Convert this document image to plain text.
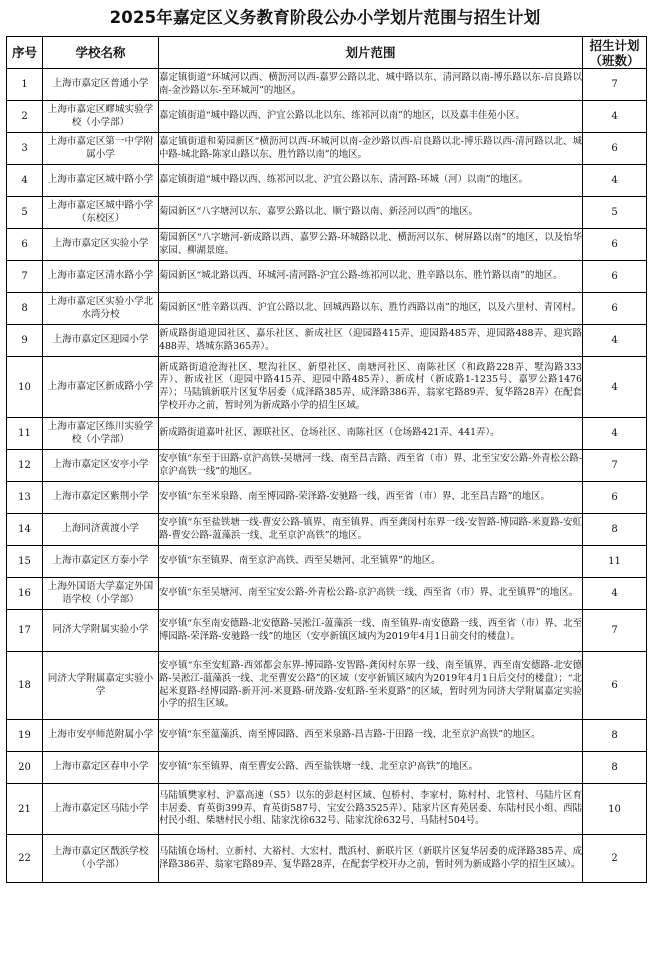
2025年嘉定区义务教育阶段公办小学划片范围与招生计划
序号	学校名称	划片范围	招生计划
（班数）
1	上海市嘉定区普通小学	嘉定镇街道“环城河以西、横沥河以西-嘉罗公路以北、城中路以东、清河路以南-博乐路以东-启良路以南-金沙路以东-至环城河”的地区。	7
2	上海市嘉定区疁城实验学校（小学部）	嘉定镇街道“城中路以西、沪宜公路以北以东、练祁河以南”的地区，以及嘉丰佳苑小区。	4
3	上海市嘉定区第一中学附属小学	嘉定镇街道和菊园新区“横沥河以西-环城河以南-金沙路以西-启良路以北-博乐路以西-清河路以北、城中路-城北路-陈家山路以东、胜竹路以南”的地区。	6
4	上海市嘉定区城中路小学	嘉定镇街道“城中路以西、练祁河以北、沪宜公路以东、清河路-环城（河）以南”的地区。	4
5	上海市嘉定区城中路小学（东校区）	菊园新区“八字塘河以东、嘉罗公路以北、顺宁路以南、新泾河以西”的地区。	5
6	上海市嘉定区实验小学	菊园新区“八字塘河-新成路以西、嘉罗公路-环城路以北、横沥河以东、树屏路以南”的地区，以及怡华家园、柳湖景庭。	6
7	上海市嘉定区清水路小学	菊园新区“城北路以西、环城河-清河路-沪宜公路-练祁河以北、胜辛路以东、胜竹路以南”的地区。	6
8	上海市嘉定区实验小学北水湾分校	菊园新区“胜辛路以西、沪宜公路以北、回城西路以东、胜竹西路以南”的地区，以及六里村、青冈村。	6
9	上海市嘉定区迎园小学	新成路街道迎园社区、嘉乐社区、新成社区（迎园路415弄、迎园路485弄、迎园路488弄、迎宾路488弄、塔城东路365弄）。	4
10	上海市嘉定区新成路小学	新成路街道沧海社区、墅沟社区、新望社区、南塘河社区、南陈社区（和政路228弄、墅沟路333弄）、新成社区（迎园中路415弄、迎园中路485弄）、新成村（新成路1-1235号、嘉罗公路1476弄）；马陆镇新联片区复华居委（成泽路385弄、成泽路386弄、翁家宅路89弄、复华路28弄）在配套学校开办之前，暂时列为新成路小学的招生区域。	4
11	上海市嘉定区练川实验学校（小学部）	新成路街道嘉叶社区、源联社区、仓场社区、南陈社区（仓场路421弄、441弄）。	4
12	上海市嘉定区安亭小学	安亭镇“东至于田路-京沪高铁-吴塘河一线、南至昌吉路、西至省（市）界、北至宝安公路-外青松公路-京沪高铁一线”的地区。	7
13	上海市嘉定区紫荆小学	安亭镇“东至米泉路、南至博园路-荣泽路-安驰路一线、西至省（市）界、北至昌吉路”的地区。	6
14	上海同济黄渡小学	安亭镇“东至盐铁塘一线-曹安公路-镇界、南至镇界、西至龚闵村东界一线-安智路-博园路-米夏路-安虹路-曹安公路-蕰藻浜一线、北至京沪高铁”的地区。	8
15	上海市嘉定区方泰小学	安亭镇“东至镇界、南至京沪高铁、西至吴塘河、北至镇界”的地区。	11
16	上海外国语大学嘉定外国语学校（小学部）	安亭镇“东至吴塘河、南至宝安公路-外青松公路-京沪高铁一线、西至省（市）界、北至镇界”的地区。	4
17	同济大学附属实验小学	安亭镇“东至南安德路-北安德路-吴淞江-蕰藻浜一线、南至镇界-南安德路一线、西至省（市）界、北至博园路-荣泽路-安驰路一线”的地区（安亭新镇区域内为2019年4月1日前交付的楼盘）。	7
18	同济大学附属嘉定实验小学	安亭镇“东至安虹路-西郊都会东界-博园路-安智路-龚闵村东界一线、南至镇界、西至南安德路-北安德路-吴淞江-蕰藻浜一线、北至曹安公路”的区域（安亭新镇区域内为2019年4月1日后交付的楼盘）；“北起米夏路-经博园路-新开河-米夏路-研茂路-安虹路-至米夏路”的区域，暂时列为同济大学附属嘉定实验小学的招生区域。	6
19	上海市安亭师范附属小学	安亭镇“东至蕰藻浜、南至博园路、西至米泉路-昌吉路-于田路一线、北至京沪高铁”的地区。	8
20	上海市嘉定区春申小学	安亭镇“东至镇界、南至曹安公路、西至盐铁塘一线、北至京沪高铁”的地区。	8
21	上海市嘉定区马陆小学	马陆镇樊家村、沪嘉高速（S5）以东的彭赵村区域、包桥村、李家村、陈村村、北管村、马陆片区育丰居委、育英街399弄、育英街587号、宝安公路3525弄）、陆家片区育苑居委、东陆村民小组、西陆村民小组、柴塘村民小组、陆家沈徐632号、陆家沈徐632号、马陆村504号。	10
22	上海市嘉定区戬浜学校（小学部）	马陆镇仓场村、立新村、大裕村、大宏村、戬浜村、新联片区（新联片区复华居委的成泽路385弄、成泽路386弄、翁家宅路89弄、复华路28弄，在配套学校开办之前，暂时列为新成路小学的招生区域）。	2
